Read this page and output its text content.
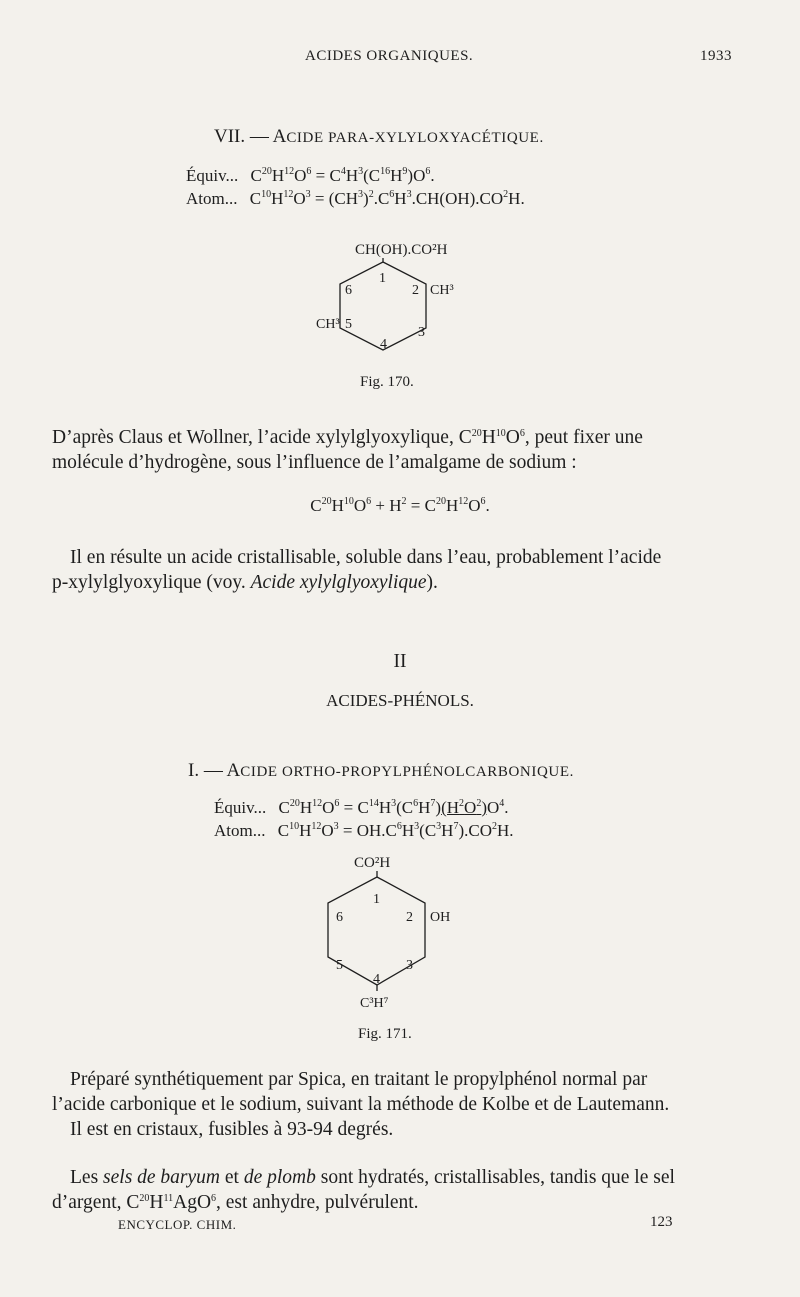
ACIDES ORGANIQUES.	1933
VII. — ACIDE PARA-XYLYLOXYACÉTIQUE.
Équiv... $C^{20}H^{12}O^6 = C^4H^3(C^{16}H^9)O^6$.
Atom... $C^{10}H^{12}O^3 = (CH^3)^2.C^6H^3.CH(OH).CO^2H$.
CH(OH).CO²H
1
2
3
4
5
6	CH³
CH³
Fig. 170.
D’après Claus et Wollner, l’acide xylylglyoxylique, $C^{20}H^{10}O^6$, peut fixer une
molécule d’hydrogène, sous l’influence de l’amalgame de sodium :
$C^{20}H^{10}O^6 + H^2 = C^{20}H^{12}O^6$.
Il en résulte un acide cristallisable, soluble dans l’eau, probablement l’acide
p-xylylglyoxylique (voy. Acide xylylglyoxylique).
II
ACIDES-PHÉNOLS.
I. — ACIDE ORTHO-PROPYLPHÉNOLCARBONIQUE.
Équiv... $C^{20}H^{12}O^6 = C^{14}H^3(C^6H^7)(H^2O^2)O^4$.
Atom... $C^{10}H^{12}O^3 = OH.C^6H^3(C^3H^7).CO^2H$.
CO²H
1
2
3
4
5
6	OH
C³H⁷
Fig. 171.
Préparé synthétiquement par Spica, en traitant le propylphénol normal par
l’acide carbonique et le sodium, suivant la méthode de Kolbe et de Lautemann.
Il est en cristaux, fusibles à 93-94 degrés.
Les sels de baryum et de plomb sont hydratés, cristallisables, tandis que le sel
d’argent, $C^{20}H^{11}AgO^6$, est anhydre, pulvérulent.
ENCYCLOP. CHIM.	123
